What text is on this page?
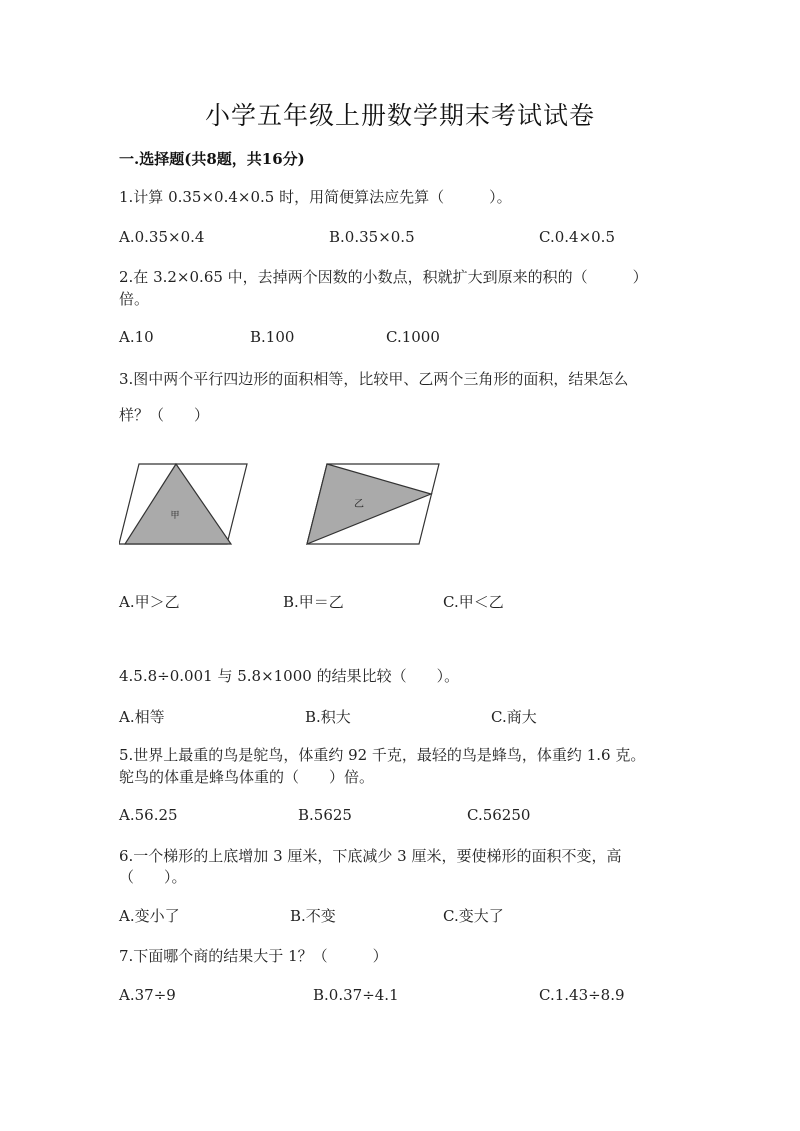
小学五年级上册数学期末考试试卷
一.选择题(共8题，共16分)
1.计算 0.35×0.4×0.5 时，用简便算法应先算（　　　）。
A.0.35×0.4	B.0.35×0.5	C.0.4×0.5
2.在 3.2×0.65 中，去掉两个因数的小数点，积就扩大到原来的积的（　　　）
倍。
A.10	B.100	C.1000
3.图中两个平行四边形的面积相等，比较甲、乙两个三角形的面积，结果怎么
样？（　　）
甲
乙
A.甲＞乙	B.甲＝乙	C.甲＜乙
4.5.8÷0.001 与 5.8×1000 的结果比较（　　）。
A.相等	B.积大	C.商大
5.世界上最重的鸟是鸵鸟，体重约 92 千克，最轻的鸟是蜂鸟，体重约 1.6 克。
鸵鸟的体重是蜂鸟体重的（　　）倍。
A.56.25	B.5625	C.56250
6.一个梯形的上底增加 3 厘米，下底减少 3 厘米，要使梯形的面积不变，高
（　　）。
A.变小了	B.不变	C.变大了
7.下面哪个商的结果大于 1？（　　　）
A.37÷9	B.0.37÷4.1	C.1.43÷8.9
